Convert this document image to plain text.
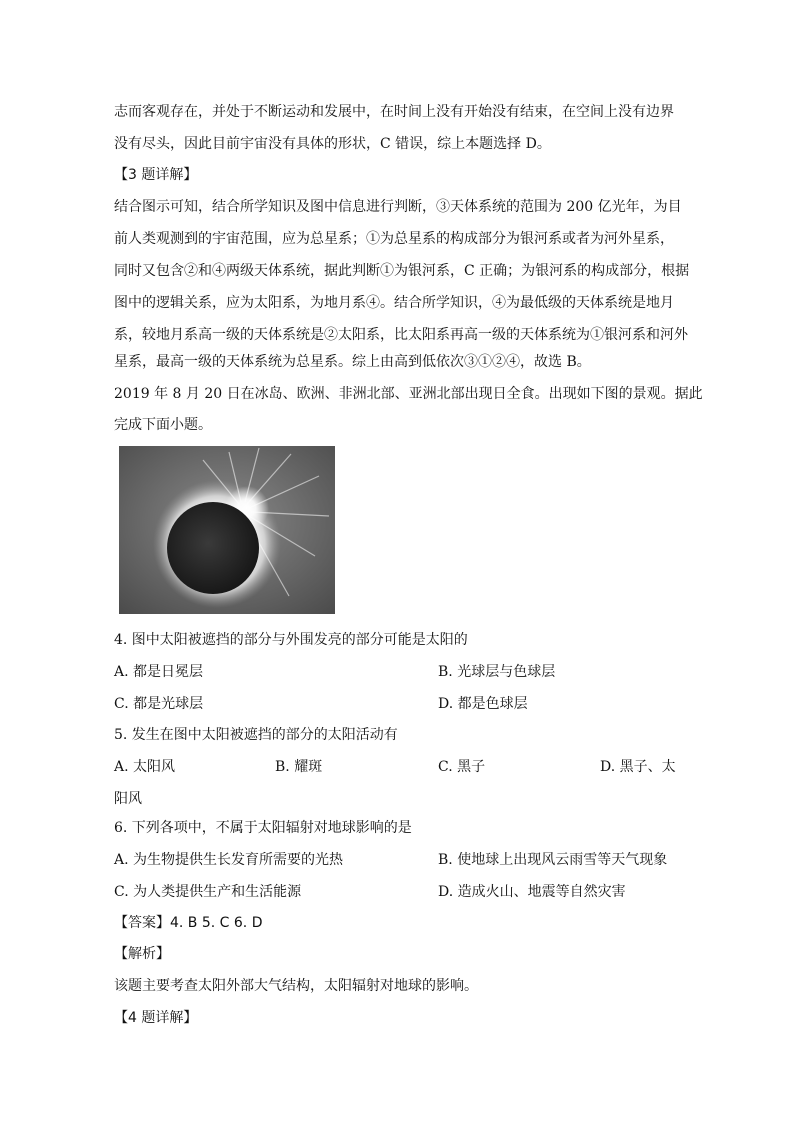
志而客观存在，并处于不断运动和发展中，在时间上没有开始没有结束，在空间上没有边界
没有尽头，因此目前宇宙没有具体的形状，C 错误，综上本题选择 D。
【3 题详解】
结合图示可知，结合所学知识及图中信息进行判断，③天体系统的范围为 200 亿光年，为目
前人类观测到的宇宙范围，应为总星系；①为总星系的构成部分为银河系或者为河外星系，
同时又包含②和④两级天体系统，据此判断①为银河系，C 正确；为银河系的构成部分，根据
图中的逻辑关系，应为太阳系，为地月系④。结合所学知识，④为最低级的天体系统是地月
系，较地月系高一级的天体系统是②太阳系，比太阳系再高一级的天体系统为①银河系和河外
星系，最高一级的天体系统为总星系。综上由高到低依次③①②④，故选 B。
2019 年 8 月 20 日在冰岛、欧洲、非洲北部、亚洲北部出现日全食。出现如下图的景观。据此
完成下面小题。
4. 图中太阳被遮挡的部分与外围发亮的部分可能是太阳的
A. 都是日冕层	B. 光球层与色球层
C. 都是光球层	D. 都是色球层
5. 发生在图中太阳被遮挡的部分的太阳活动有
A. 太阳风	B. 耀斑	C. 黑子	D. 黑子、太
阳风
6. 下列各项中，不属于太阳辐射对地球影响的是
A. 为生物提供生长发育所需要的光热	B. 使地球上出现风云雨雪等天气现象
C. 为人类提供生产和生活能源	D. 造成火山、地震等自然灾害
【答案】4. B 5. C 6. D
【解析】
该题主要考查太阳外部大气结构，太阳辐射对地球的影响。
【4 题详解】
